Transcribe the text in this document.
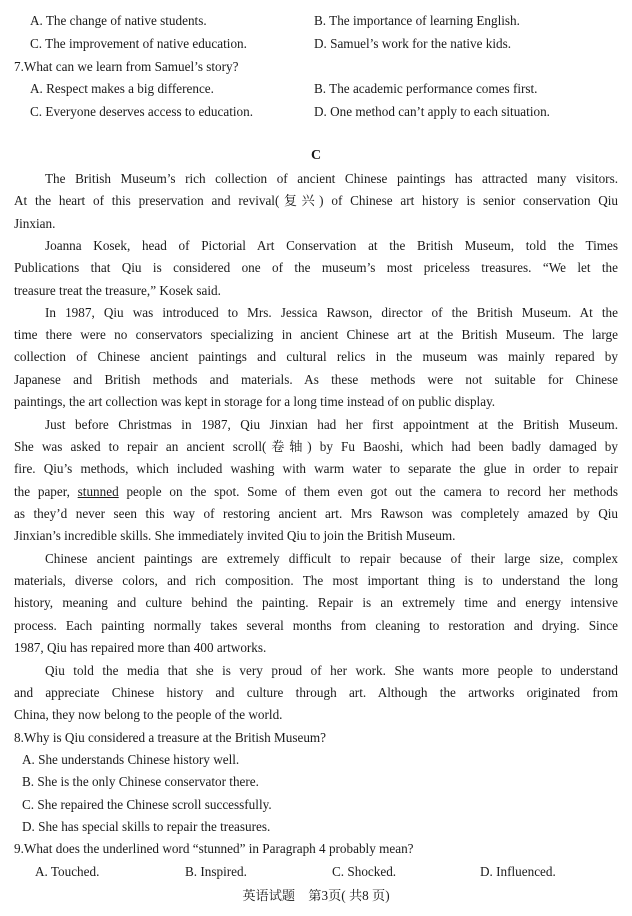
A. The change of native students.	B. The importance of learning English.
C. The improvement of native education.	D. Samuel’s work for the native kids.
7.What can we learn from Samuel’s story?
A. Respect makes a big difference.	B. The academic performance comes first.
C. Everyone deserves access to education.	D. One method can’t apply to each situation.
C
The British Museum’s rich collection of ancient Chinese paintings has attracted many visitors.
At the heart of this preservation and revival(复兴) of Chinese art history is senior conservation Qiu
Jinxian.
Joanna Kosek, head of Pictorial Art Conservation at the British Museum, told the Times
Publications that Qiu is considered one of the museum’s most priceless treasures. “We let the
treasure treat the treasure,” Kosek said.
In 1987, Qiu was introduced to Mrs. Jessica Rawson, director of the British Museum. At the
time there were no conservators specializing in ancient Chinese art at the British Museum. The large
collection of Chinese ancient paintings and cultural relics in the museum was mainly repared by
Japanese and British methods and materials. As these methods were not suitable for Chinese
paintings, the art collection was kept in storage for a long time instead of on public display.
Just before Christmas in 1987, Qiu Jinxian had her first appointment at the British Museum.
She was asked to repair an ancient scroll(卷轴) by Fu Baoshi, which had been badly damaged by
fire. Qiu’s methods, which included washing with warm water to separate the glue in order to repair
the paper, stunned people on the spot. Some of them even got out the camera to record her methods
as they’d never seen this way of restoring ancient art. Mrs Rawson was completely amazed by Qiu
Jinxian’s incredible skills. She immediately invited Qiu to join the British Museum.
Chinese ancient paintings are extremely difficult to repair because of their large size, complex
materials, diverse colors, and rich composition. The most important thing is to understand the long
history, meaning and culture behind the painting. Repair is an extremely time and energy intensive
process. Each painting normally takes several months from cleaning to restoration and drying. Since
1987, Qiu has repaired more than 400 artworks.
Qiu told the media that she is very proud of her work. She wants more people to understand
and appreciate Chinese history and culture through art. Although the artworks originated from
China, they now belong to the people of the world.
8.Why is Qiu considered a treasure at the British Museum?
A. She understands Chinese history well.
B. She is the only Chinese conservator there.
C. She repaired the Chinese scroll successfully.
D. She has special skills to repair the treasures.
9.What does the underlined word “stunned” in Paragraph 4 probably mean?
A. Touched.	B. Inspired.	C. Shocked.	D. Influenced.
英语试题　第3页( 共8 页)
